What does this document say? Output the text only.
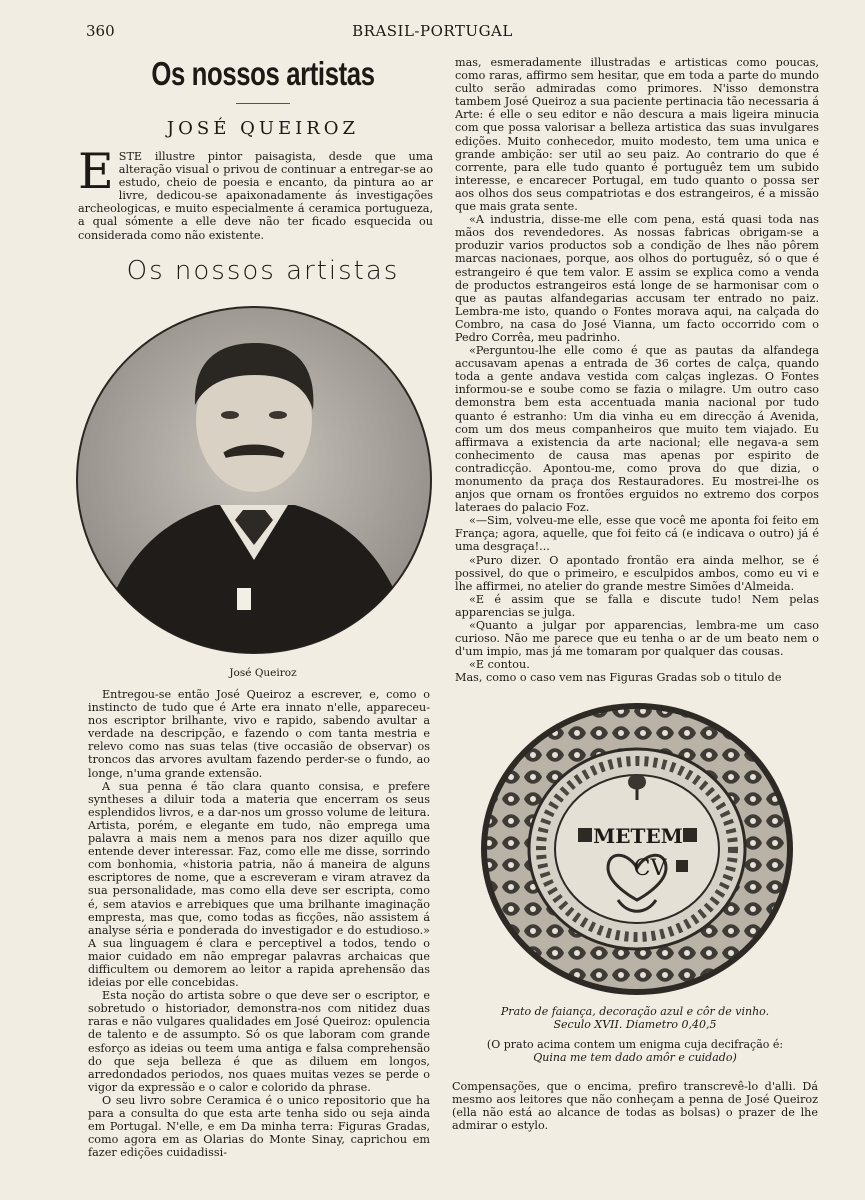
360	BRASIL-PORTUGAL
Os nossos artistas
JOSÉ QUEIROZ
E STE illustre pintor paisagista, desde que uma alteração visual o privou de continuar a entregar-se ao estudo, cheio de poesia e encanto, da pintura ao ar livre, dedicou-se apaixonadamente ás investigações archeologicas, e muito especialmente á ceramica portugueza, a qual sómente a elle deve não ter ficado esquecida ou considerada como não existente.
Os nossos artistas
José Queiroz

Entregou-se então José Queiroz a escrever, e, como o instincto de tudo que é Arte era innato n'elle, appareceu-nos escriptor brilhante, vivo e rapido, sabendo avultar a verdade na descripção, e fazendo o com tanta mestria e relevo como nas suas telas (tive occasião de observar) os troncos das arvores avultam fazendo perder-se o fundo, ao longe, n'uma grande extensão.

A sua penna é tão clara quanto consisa, e prefere syntheses a diluir toda a materia que encerram os seus esplendidos livros, e a dar-nos um grosso volume de leitura. Artista, porém, e elegante em tudo, não emprega uma palavra a mais nem a menos para nos dizer aquillo que entende dever interessar. Faz, como elle me disse, sorrindo com bonhomia, «historia patria, não á maneira de alguns escriptores de nome, que a escreveram e viram atravez da sua personalidade, mas como ella deve ser escripta, como é, sem atavios e arrebiques que uma brilhante imaginação empresta, mas que, como todas as ficções, não assistem á analyse séria e ponderada do investigador e do estudioso.» A sua linguagem é clara e perceptivel a todos, tendo o maior cuidado em não empregar palavras archaicas que difficultem ou demorem ao leitor a rapida aprehensão das ideias por elle concebidas.

Esta noção do artista sobre o que deve ser o escriptor, e sobretudo o historiador, demonstra-nos com nitidez duas raras e não vulgares qualidades em José Queiroz: opulencia de talento e de assumpto. Só os que laboram com grande esforço as ideias ou teem uma antiga e falsa comprehensão do que seja belleza é que as diluem em longos, arredondados periodos, nos quaes muitas vezes se perde o vigor da expressão e o calor e colorido da phrase.

O seu livro sobre Ceramica é o unico repositorio que ha para a consulta do que esta arte tenha sido ou seja ainda em Portugal. N'elle, e em Da minha terra: Figuras Gradas, como agora em as Olarias do Monte Sinay, caprichou em fazer edições cuidadissi-

mas, esmeradamente illustradas e artisticas como poucas, como raras, affirmo sem hesitar, que em toda a parte do mundo culto serão admiradas como primores. N'isso demonstra tambem José Queiroz a sua paciente pertinacia tão necessaria á Arte: é elle o seu editor e não descura a mais ligeira minucia com que possa valorisar a belleza artistica das suas invulgares edições. Muito conhecedor, muito modesto, tem uma unica e grande ambição: ser util ao seu paiz. Ao contrario do que é corrente, para elle tudo quanto é portuguêz tem um subido interesse, e encarecer Portugal, em tudo quanto o possa ser aos olhos dos seus compatriotas e dos estrangeiros, é a missão que mais grata sente.

«A industria, disse-me elle com pena, está quasi toda nas mãos dos revendedores. As nossas fabricas obrigam-se a produzir varios productos sob a condição de lhes não pôrem marcas nacionaes, porque, aos olhos do portuguêz, só o que é estrangeiro é que tem valor. E assim se explica como a venda de productos estrangeiros está longe de se harmonisar com o que as pautas alfandegarias accusam ter entrado no paiz. Lembra-me isto, quando o Fontes morava aqui, na calçada do Combro, na casa do José Vianna, um facto occorrido com o Pedro Corrêa, meu padrinho.

«Perguntou-lhe elle como é que as pautas da alfandega accusavam apenas a entrada de 36 cortes de calça, quando toda a gente andava vestida com calças inglezas. O Fontes informou-se e soube como se fazia o milagre. Um outro caso demonstra bem esta accentuada mania nacional por tudo quanto é estranho: Um dia vinha eu em direcção á Avenida, com um dos meus companheiros que muito tem viajado. Eu affirmava a existencia da arte nacional; elle negava-a sem conhecimento de causa mas apenas por espirito de contradicção. Apontou-me, como prova do que dizia, o monumento da praça dos Restauradores. Eu mostrei-lhe os anjos que ornam os frontões erguidos no extremo dos corpos lateraes do palacio Foz.

«—Sim, volveu-me elle, esse que você me aponta foi feito em França; agora, aquelle, que foi feito cá (e indicava o outro) já é uma desgraça!...

«Puro dizer. O apontado frontão era ainda melhor, se é possivel, do que o primeiro, e esculpidos ambos, como eu vi e lhe affirmei, no atelier do grande mestre Simões d'Almeida.

«E é assim que se falla e discute tudo! Nem pelas apparencias se julga.

«Quanto a julgar por apparencias, lembra-me um caso curioso. Não me parece que eu tenha o ar de um beato nem o d'um impio, mas já me tomaram por qualquer das cousas.

«E contou.

Mas, como o caso vem nas Figuras Gradas sob o titulo de

METEM
CV
Prato de faiança, decoração azul e côr de vinho.
Seculo XVII. Diametro 0,40,5
(O prato acima contem um enigma cuja decifração é:
Quina me tem dado amôr e cuidado)

Compensações, que o encima, prefiro transcrevê-lo d'alli. Dá mesmo aos leitores que não conheçam a penna de José Queiroz (ella não está ao alcance de todas as bolsas) o prazer de lhe admirar o estylo.
